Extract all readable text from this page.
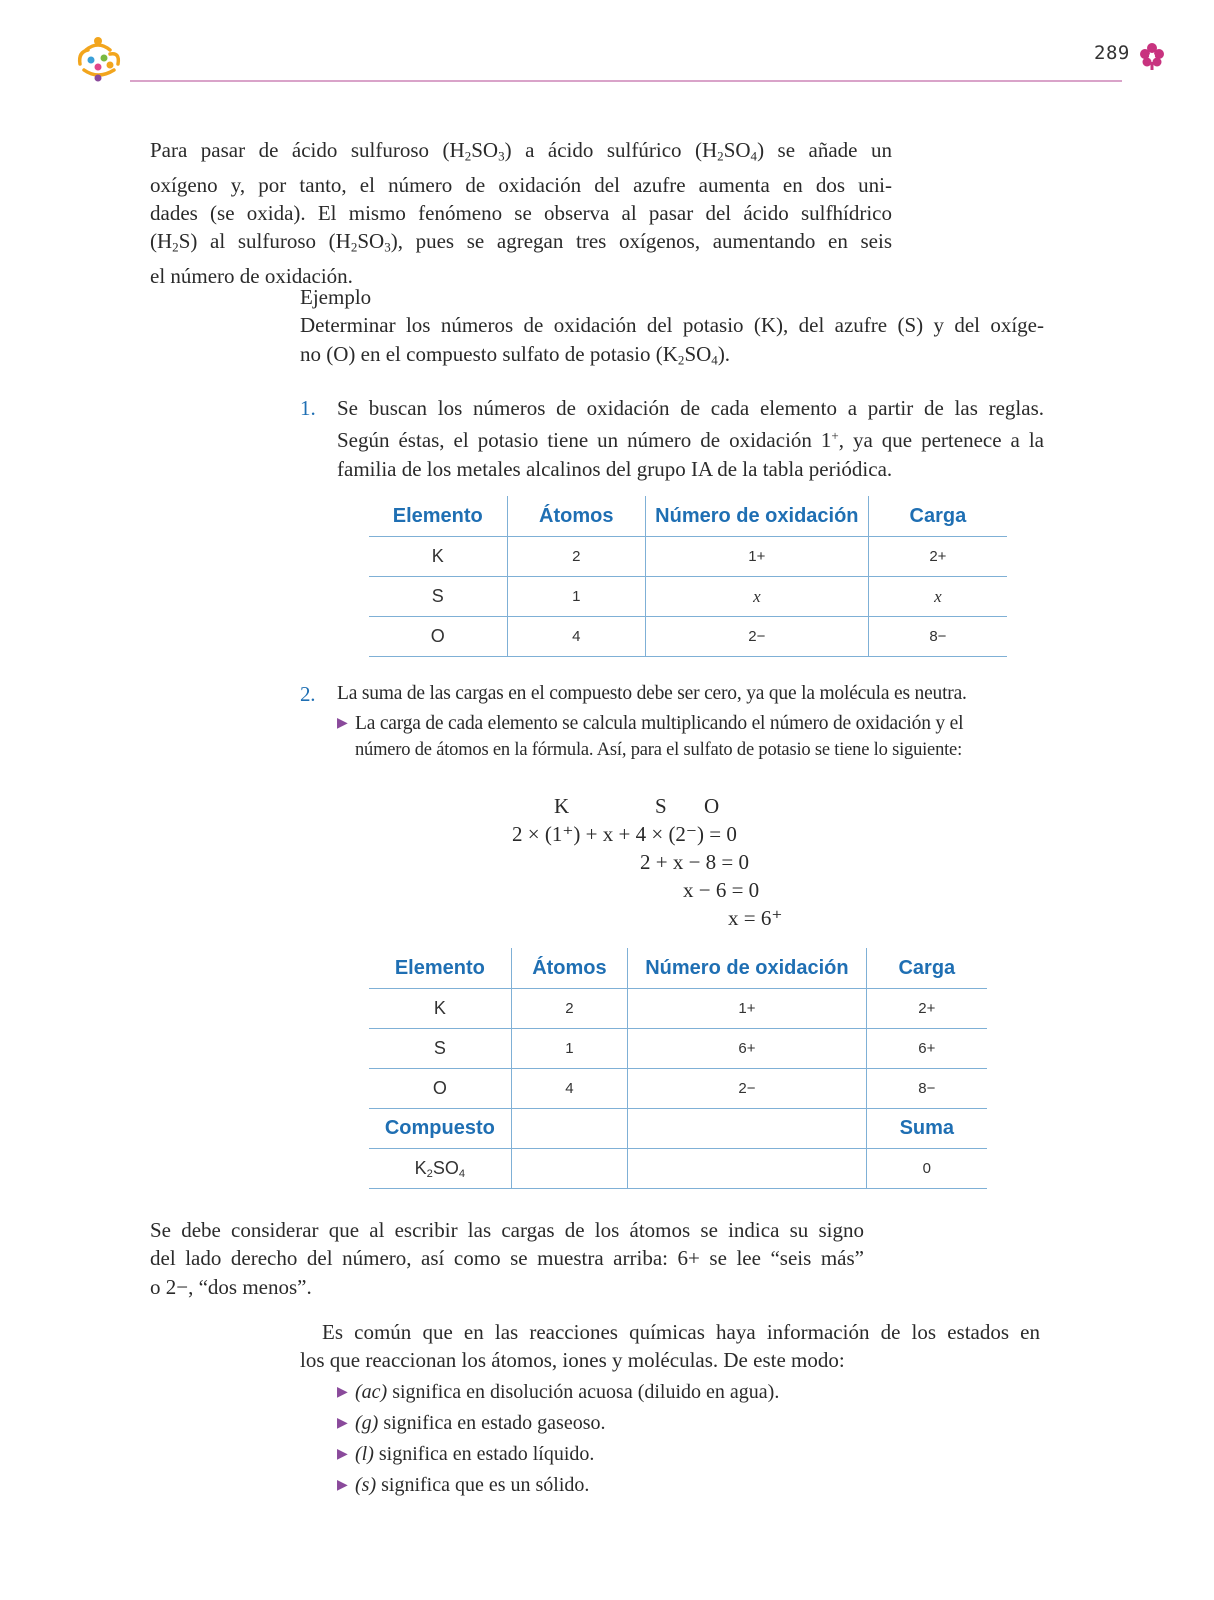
289
Para pasar de ácido sulfuroso $(H_2SO_3)$ a ácido sulfúrico $(H_2SO_4)$ se añade un
oxígeno y, por tanto, el número de oxidación del azufre aumenta en dos uni-
dades (se oxida). El mismo fenómeno se observa al pasar del ácido sulfhídrico
$(H_2S)$ al sulfuroso $(H_2SO_3)$, pues se agregan tres oxígenos, aumentando en seis
el número de oxidación.
Ejemplo
Determinar los números de oxidación del potasio (K), del azufre (S) y del oxíge-
no (O) en el compuesto sulfato de potasio $(K_2SO_4)$.
1. Se buscan los números de oxidación de cada elemento a partir de las reglas.
Según éstas, el potasio tiene un número de oxidación 1+, ya que pertenece a la
familia de los metales alcalinos del grupo IA de la tabla periódica.
Elemento	Átomos	Número de oxidación	Carga
K	2	1+	2+
S	1	x	x
O	4	2−	8−
2. La suma de las cargas en el compuesto debe ser cero, ya que la molécula es neutra.
▶ La carga de cada elemento se calcula multiplicando el número de oxidación y el
número de átomos en la fórmula. Así, para el sulfato de potasio se tiene lo siguiente:
K	S O
2 × (1⁺) + x + 4 × (2⁻) = 0
2 + x − 8 = 0
x − 6 = 0
x = 6⁺
Elemento	Átomos	Número de oxidación	Carga
K	2	1+	2+
S	1	6+	6+
O	4	2−	8−
Compuesto			Suma
$K_2SO_4$			0
Se debe considerar que al escribir las cargas de los átomos se indica su signo
del lado derecho del número, así como se muestra arriba: 6+ se lee “seis más”
o 2−, “dos menos”.
Es común que en las reacciones químicas haya información de los estados en
los que reaccionan los átomos, iones y moléculas. De este modo:
▶ (ac) significa en disolución acuosa (diluido en agua).
▶ (g) significa en estado gaseoso.
▶ (l) significa en estado líquido.
▶ (s) significa que es un sólido.
